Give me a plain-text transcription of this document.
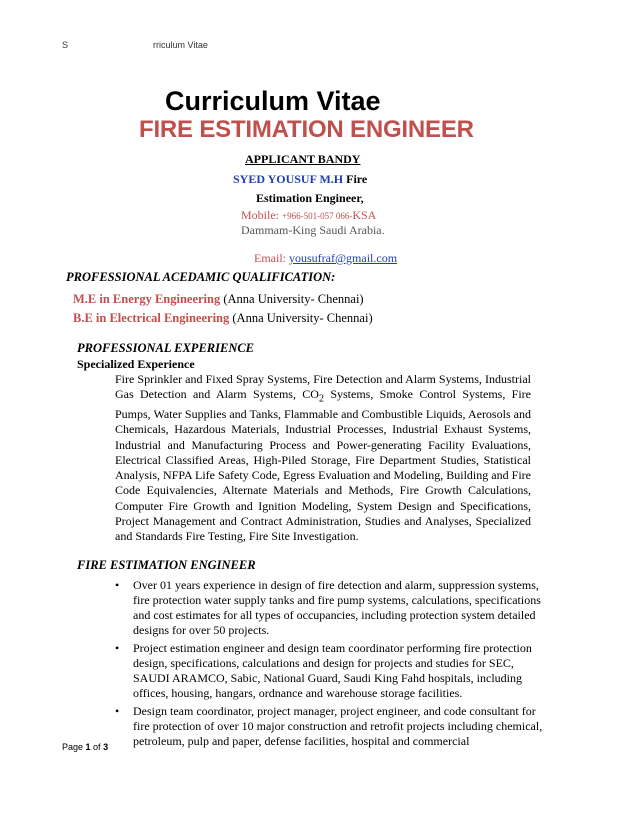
S	rriculum Vitae
Curriculum Vitae
FIRE ESTIMATION ENGINEER
APPLICANT BANDY
SYED YOUSUF M.H Fire
Estimation Engineer,
Mobile: +966-501-057 066-KSA
Dammam-King Saudi Arabia.
Email: yousufraf@gmail.com
PROFESSIONAL ACEDAMIC QUALIFICATION:
M.E in Energy Engineering (Anna University- Chennai)
B.E in Electrical Engineering (Anna University- Chennai)
PROFESSIONAL EXPERIENCE
Specialized Experience
Fire Sprinkler and Fixed Spray Systems, Fire Detection and Alarm Systems, Industrial Gas Detection and Alarm Systems, $CO_2$ Systems, Smoke Control Systems, Fire Pumps, Water Supplies and Tanks, Flammable and Combustible Liquids, Aerosols and Chemicals, Hazardous Materials, Industrial Processes, Industrial Exhaust Systems, Industrial and Manufacturing Process and Power-generating Facility Evaluations, Electrical Classified Areas, High-Piled Storage, Fire Department Studies, Statistical Analysis, NFPA Life Safety Code, Egress Evaluation and Modeling, Building and Fire Code Equivalencies, Alternate Materials and Methods, Fire Growth Calculations, Computer Fire Growth and Ignition Modeling, System Design and Specifications, Project Management and Contract Administration, Studies and Analyses, Specialized and Standards Fire Testing, Fire Site Investigation.
FIRE ESTIMATION ENGINEER
• Over 01 years experience in design of fire detection and alarm, suppression systems, fire protection water supply tanks and fire pump systems, calculations, specifications and cost estimates for all types of occupancies, including protection system detailed designs for over 50 projects.
• Project estimation engineer and design team coordinator performing fire protection design, specifications, calculations and design for projects and studies for SEC, SAUDI ARAMCO, Sabic, National Guard, Saudi King Fahd hospitals, including offices, housing, hangars, ordnance and warehouse storage facilities.
• Design team coordinator, project manager, project engineer, and code consultant for fire protection of over 10 major construction and retrofit projects including chemical, petroleum, pulp and paper, defense facilities, hospital and commercial
Page 1 of 3
